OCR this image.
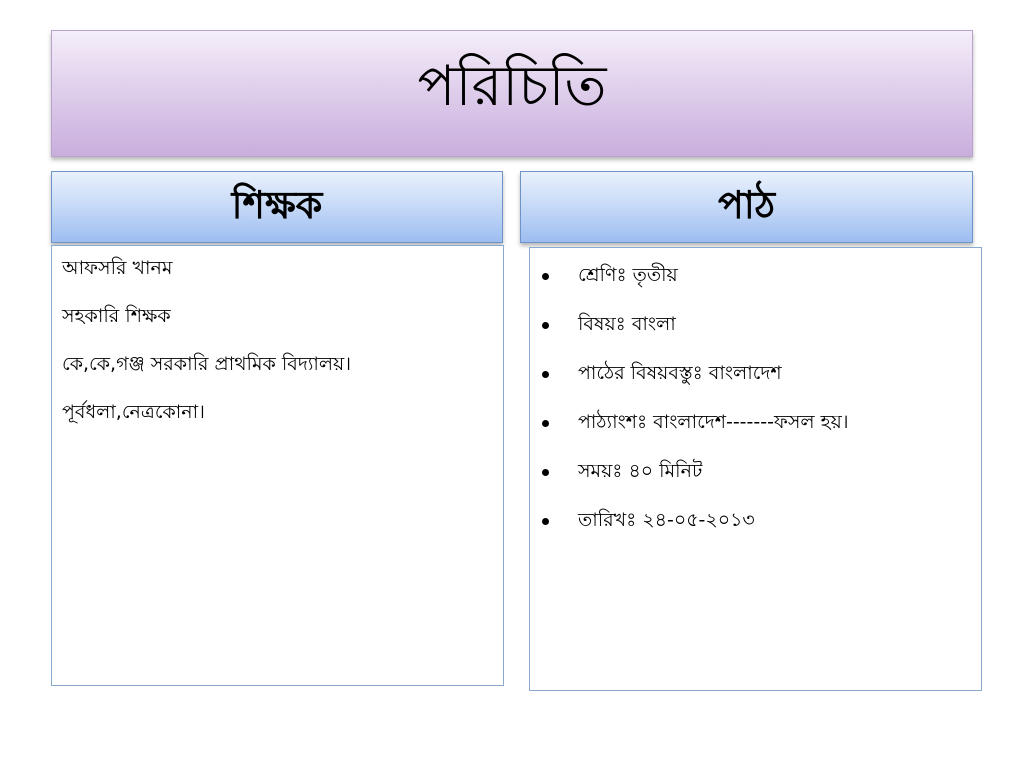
পরিচিতি
শিক্ষক	পাঠ
আফসরি খানম
সহকারি শিক্ষক
কে,কে,গঞ্জ সরকারি প্রাথমিক বিদ্যালয়।
পূর্বধলা,নেত্রকোনা।
শ্রেণিঃ তৃতীয়
বিষয়ঃ বাংলা
পাঠের বিষয়বস্তুঃ বাংলাদেশ
পাঠ্যাংশঃ বাংলাদেশ-------ফসল হয়।
সময়ঃ ৪০ মিনিট
তারিখঃ ২৪-০৫-২০১৩
